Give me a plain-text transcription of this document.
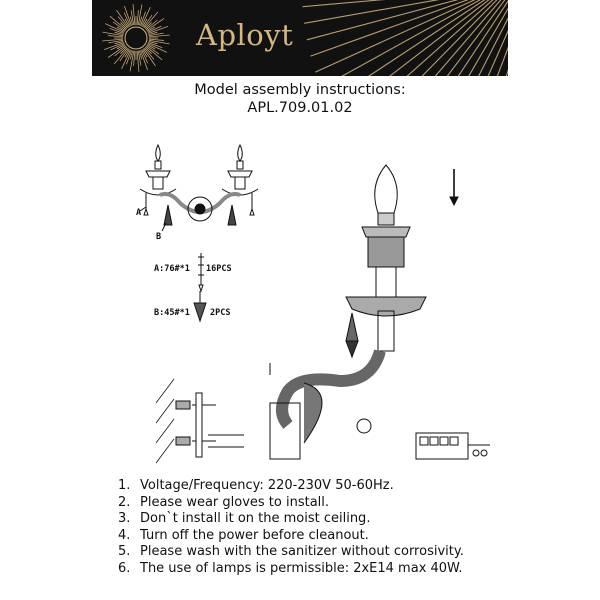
Aployt
Model assembly instructions:
APL.709.01.02
A
B
A:76#*1 16PCS
B:45#*1 2PCS
1. Voltage/Frequency: 220-230V 50-60Hz.
2. Please wear gloves to install.
3. Don`t install it on the moist ceiling.
4. Turn off the power before cleanout.
5. Please wash with the sanitizer without corrosivity.
6. The use of lamps is permissible: 2xE14 max 40W.
